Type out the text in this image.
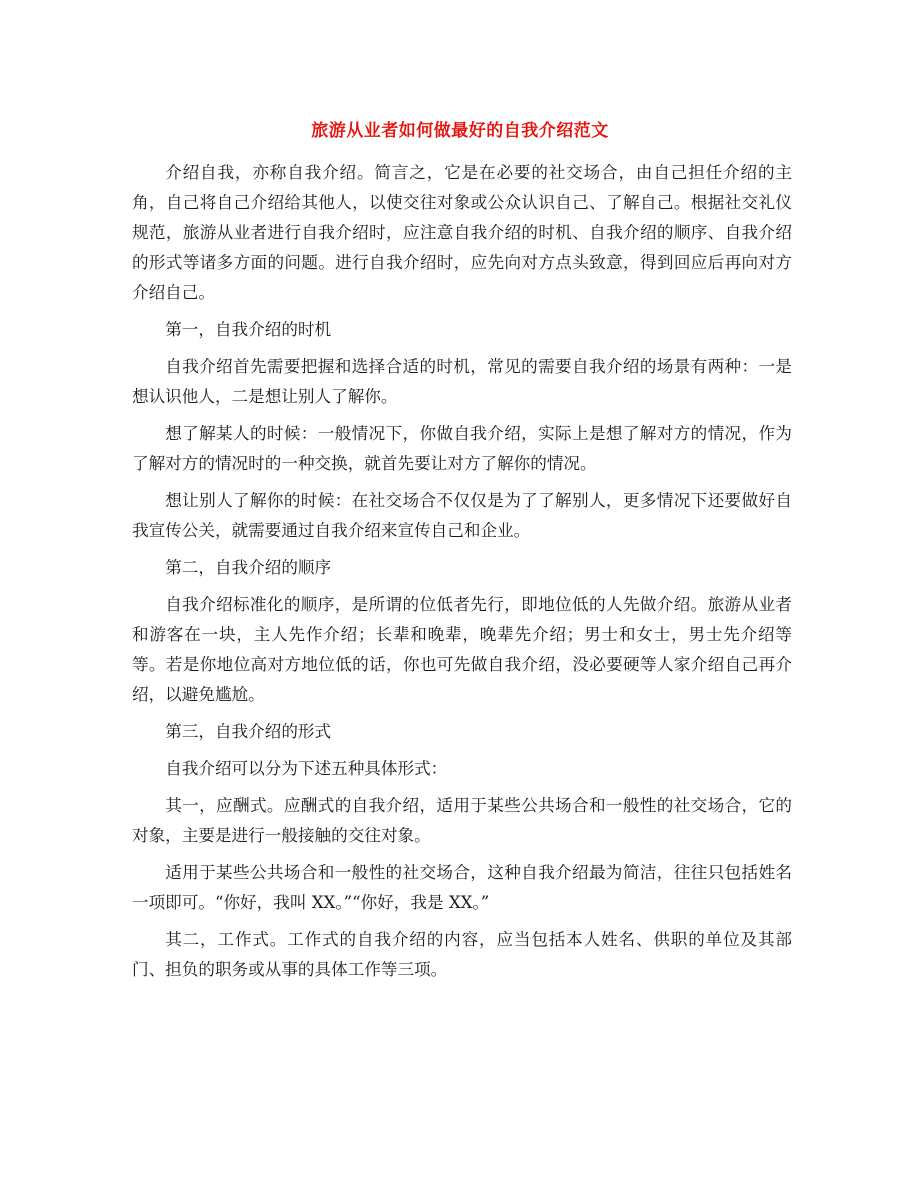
旅游从业者如何做最好的自我介绍范文

介绍自我，亦称自我介绍。简言之，它是在必要的社交场合，由自己担任介绍的主角，自己将自己介绍给其他人，以使交往对象或公众认识自己、了解自己。根据社交礼仪规范，旅游从业者进行自我介绍时，应注意自我介绍的时机、自我介绍的顺序、自我介绍的形式等诸多方面的问题。进行自我介绍时，应先向对方点头致意，得到回应后再向对方介绍自己。

第一，自我介绍的时机

自我介绍首先需要把握和选择合适的时机，常见的需要自我介绍的场景有两种：一是想认识他人，二是想让别人了解你。

想了解某人的时候：一般情况下，你做自我介绍，实际上是想了解对方的情况，作为了解对方的情况时的一种交换，就首先要让对方了解你的情况。

想让别人了解你的时候：在社交场合不仅仅是为了了解别人，更多情况下还要做好自我宣传公关，就需要通过自我介绍来宣传自己和企业。

第二，自我介绍的顺序

自我介绍标准化的顺序，是所谓的位低者先行，即地位低的人先做介绍。旅游从业者和游客在一块，主人先作介绍；长辈和晚辈，晚辈先介绍；男士和女士，男士先介绍等等。若是你地位高对方地位低的话，你也可先做自我介绍，没必要硬等人家介绍自己再介绍，以避免尴尬。

第三，自我介绍的形式

自我介绍可以分为下述五种具体形式：

其一，应酬式。应酬式的自我介绍，适用于某些公共场合和一般性的社交场合，它的对象，主要是进行一般接触的交往对象。

适用于某些公共场合和一般性的社交场合，这种自我介绍最为简洁，往往只包括姓名一项即可。“你好，我叫 XX。”“你好，我是 XX。”

其二，工作式。工作式的自我介绍的内容，应当包括本人姓名、供职的单位及其部门、担负的职务或从事的具体工作等三项。
